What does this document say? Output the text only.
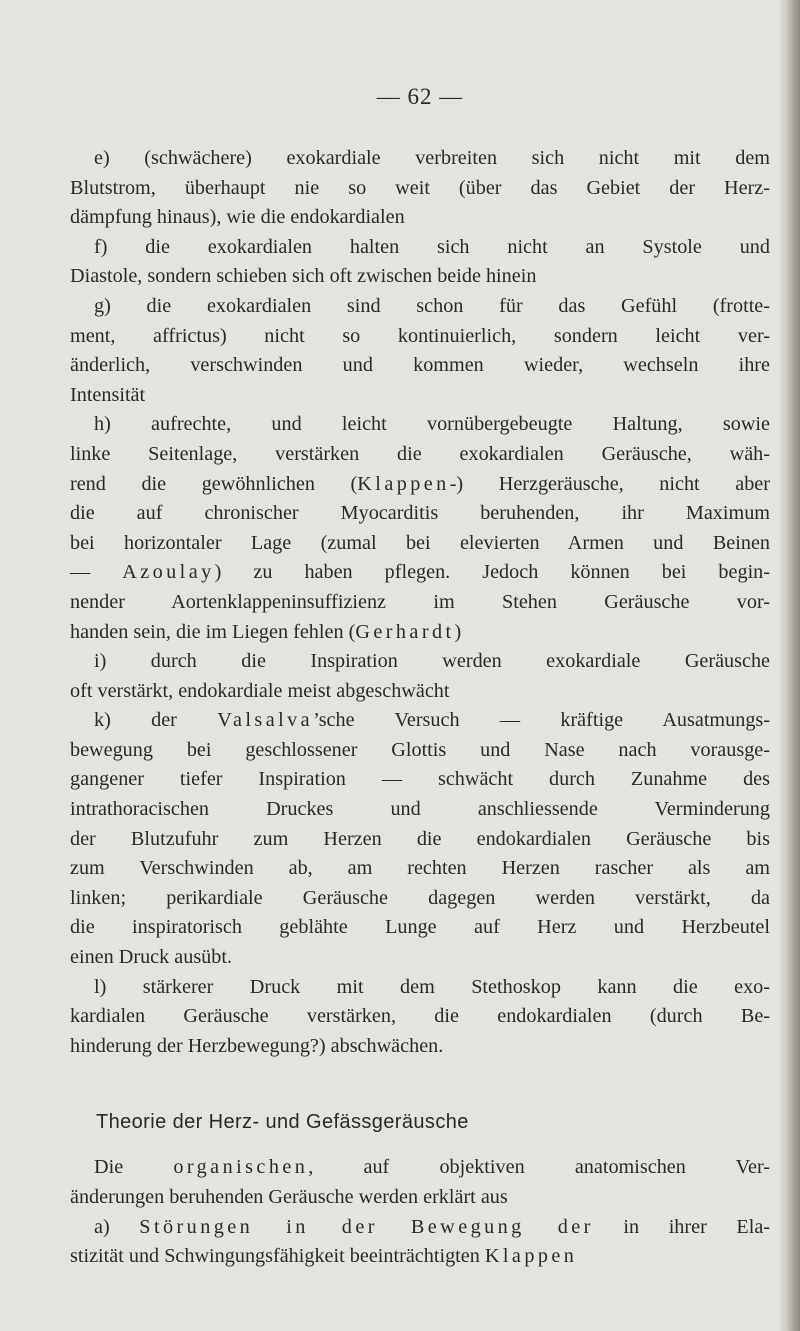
— 62 —
e) (schwächere) exokardiale verbreiten sich nicht mit dem
Blutstrom, überhaupt nie so weit (über das Gebiet der Herz-
dämpfung hinaus), wie die endokardialen
f) die exokardialen halten sich nicht an Systole und
Diastole, sondern schieben sich oft zwischen beide hinein
g) die exokardialen sind schon für das Gefühl (frotte-
ment, affrictus) nicht so kontinuierlich, sondern leicht ver-
änderlich, verschwinden und kommen wieder, wechseln ihre
Intensität
h) aufrechte, und leicht vornübergebeugte Haltung, sowie
linke Seitenlage, verstärken die exokardialen Geräusche, wäh-
rend die gewöhnlichen (Klappen-) Herzgeräusche, nicht aber
die auf chronischer Myocarditis beruhenden, ihr Maximum
bei horizontaler Lage (zumal bei elevierten Armen und Beinen
— Azoulay) zu haben pflegen. Jedoch können bei begin-
nender Aortenklappeninsuffizienz im Stehen Geräusche vor-
handen sein, die im Liegen fehlen (Gerhardt)
i) durch die Inspiration werden exokardiale Geräusche
oft verstärkt, endokardiale meist abgeschwächt
k) der Valsalva’sche Versuch — kräftige Ausatmungs-
bewegung bei geschlossener Glottis und Nase nach vorausge-
gangener tiefer Inspiration — schwächt durch Zunahme des
intrathoracischen Druckes und anschliessende Verminderung
der Blutzufuhr zum Herzen die endokardialen Geräusche bis
zum Verschwinden ab, am rechten Herzen rascher als am
linken; perikardiale Geräusche dagegen werden verstärkt, da
die inspiratorisch geblähte Lunge auf Herz und Herzbeutel
einen Druck ausübt.
l) stärkerer Druck mit dem Stethoskop kann die exo-
kardialen Geräusche verstärken, die endokardialen (durch Be-
hinderung der Herzbewegung?) abschwächen.
Theorie der Herz- und Gefässgeräusche
Die organischen, auf objektiven anatomischen Ver-
änderungen beruhenden Geräusche werden erklärt aus
a) Störungen in der Bewegung der in ihrer Ela-
stizität und Schwingungsfähigkeit beeinträchtigten Klappen
